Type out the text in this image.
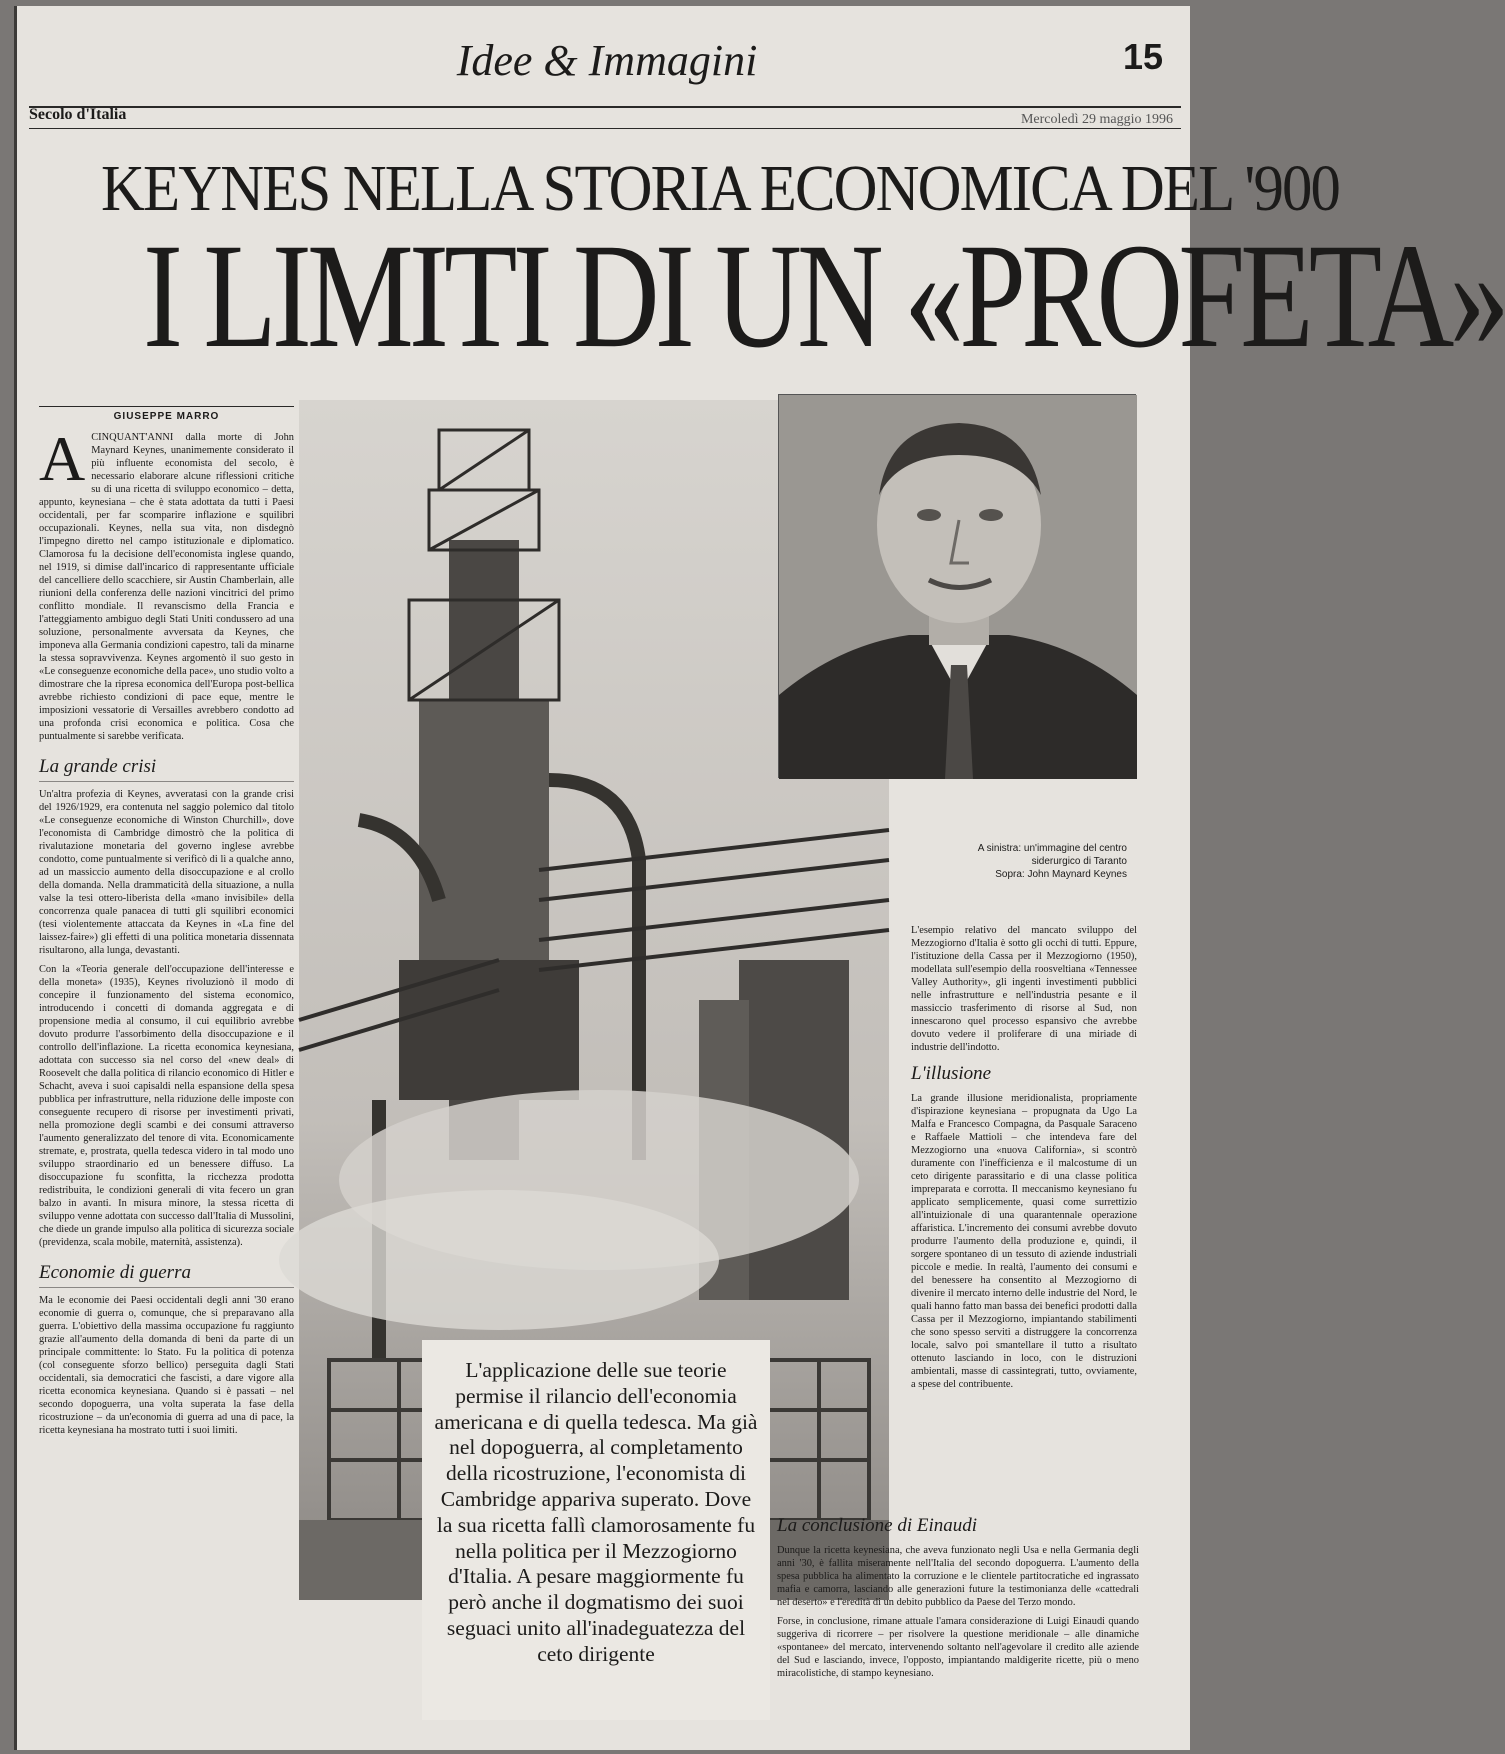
Idee & Immagini	15
Secolo d'Italia	Mercoledì 29 maggio 1996
KEYNES NELLA STORIA ECONOMICA DEL '900
I LIMITI DI UN «PROFETA»
GIUSEPPE MARRO

A CINQUANT'ANNI dalla morte di John Maynard Keynes, unanimemente considerato il più influente economista del secolo, è necessario elaborare alcune riflessioni critiche su di una ricetta di sviluppo economico – detta, appunto, keynesiana – che è stata adottata da tutti i Paesi occidentali, per far scomparire inflazione e squilibri occupazionali. Keynes, nella sua vita, non disdegnò l'impegno diretto nel campo istituzionale e diplomatico. Clamorosa fu la decisione dell'economista inglese quando, nel 1919, si dimise dall'incarico di rappresentante ufficiale del cancelliere dello scacchiere, sir Austin Chamberlain, alle riunioni della conferenza delle nazioni vincitrici del primo conflitto mondiale. Il revanscismo della Francia e l'atteggiamento ambiguo degli Stati Uniti condussero ad una soluzione, personalmente avversata da Keynes, che imponeva alla Germania condizioni capestro, tali da minarne la stessa sopravvivenza. Keynes argomentò il suo gesto in «Le conseguenze economiche della pace», uno studio volto a dimostrare che la ripresa economica dell'Europa post-bellica avrebbe richiesto condizioni di pace eque, mentre le imposizioni vessatorie di Versailles avrebbero condotto ad una profonda crisi economica e politica. Cosa che puntualmente si sarebbe verificata.

La grande crisi

Un'altra profezia di Keynes, avveratasi con la grande crisi del 1926/1929, era contenuta nel saggio polemico dal titolo «Le conseguenze economiche di Winston Churchill», dove l'economista di Cambridge dimostrò che la politica di rivalutazione monetaria del governo inglese avrebbe condotto, come puntualmente si verificò di lì a qualche anno, ad un massiccio aumento della disoccupazione e al crollo della domanda. Nella drammaticità della situazione, a nulla valse la tesi ottero-liberista della «mano invisibile» della concorrenza quale panacea di tutti gli squilibri economici (tesi violentemente attaccata da Keynes in «La fine del laissez-faire») gli effetti di una politica monetaria dissennata risultarono, alla lunga, devastanti.

Con la «Teoria generale dell'occupazione dell'interesse e della moneta» (1935), Keynes rivoluzionò il modo di concepire il funzionamento del sistema economico, introducendo i concetti di domanda aggregata e di propensione media al consumo, il cui equilibrio avrebbe dovuto produrre l'assorbimento della disoccupazione e il controllo dell'inflazione. La ricetta economica keynesiana, adottata con successo sia nel corso del «new deal» di Roosevelt che dalla politica di rilancio economico di Hitler e Schacht, aveva i suoi capisaldi nella espansione della spesa pubblica per infrastrutture, nella riduzione delle imposte con conseguente recupero di risorse per investimenti privati, nella promozione degli scambi e dei consumi attraverso l'aumento generalizzato del tenore di vita. Economicamente stremate, e, prostrata, quella tedesca videro in tal modo uno sviluppo straordinario ed un benessere diffuso. La disoccupazione fu sconfitta, la ricchezza prodotta redistribuita, le condizioni generali di vita fecero un gran balzo in avanti. In misura minore, la stessa ricetta di sviluppo venne adottata con successo dall'Italia di Mussolini, che diede un grande impulso alla politica di sicurezza sociale (previdenza, scala mobile, maternità, assistenza).

Economie di guerra

Ma le economie dei Paesi occidentali degli anni '30 erano economie di guerra o, comunque, che si preparavano alla guerra. L'obiettivo della massima occupazione fu raggiunto grazie all'aumento della domanda di beni da parte di un principale committente: lo Stato. Fu la politica di potenza (col conseguente sforzo bellico) perseguita dagli Stati occidentali, sia democratici che fascisti, a dare vigore alla ricetta economica keynesiana. Quando si è passati – nel secondo dopoguerra, una volta superata la fase della ricostruzione – da un'economia di guerra ad una di pace, la ricetta keynesiana ha mostrato tutti i suoi limiti.

A sinistra: un'immagine del centro siderurgico di Taranto
Sopra: John Maynard Keynes
L'applicazione delle sue teorie permise il rilancio dell'economia americana e di quella tedesca. Ma già nel dopoguerra, al completamento della ricostruzione, l'economista di Cambridge appariva superato. Dove la sua ricetta fallì clamorosamente fu nella politica per il Mezzogiorno d'Italia. A pesare maggiormente fu però anche il dogmatismo dei suoi seguaci unito all'inadeguatezza del ceto dirigente

L'esempio relativo del mancato sviluppo del Mezzogiorno d'Italia è sotto gli occhi di tutti. Eppure, l'istituzione della Cassa per il Mezzogiorno (1950), modellata sull'esempio della roosveltiana «Tennessee Valley Authority», gli ingenti investimenti pubblici nelle infrastrutture e nell'industria pesante e il massiccio trasferimento di risorse al Sud, non innescarono quel processo espansivo che avrebbe dovuto vedere il proliferare di una miriade di industrie dell'indotto.

L'illusione

La grande illusione meridionalista, propriamente d'ispirazione keynesiana – propugnata da Ugo La Malfa e Francesco Compagna, da Pasquale Saraceno e Raffaele Mattioli – che intendeva fare del Mezzogiorno una «nuova California», si scontrò duramente con l'inefficienza e il malcostume di un ceto dirigente parassitario e di una classe politica impreparata e corrotta. Il meccanismo keynesiano fu applicato semplicemente, quasi come surrettizio all'intuizionale di una quarantennale operazione affaristica. L'incremento dei consumi avrebbe dovuto produrre l'aumento della produzione e, quindi, il sorgere spontaneo di un tessuto di aziende industriali piccole e medie. In realtà, l'aumento dei consumi e del benessere ha consentito al Mezzogiorno di divenire il mercato interno delle industrie del Nord, le quali hanno fatto man bassa dei benefici prodotti dalla Cassa per il Mezzogiorno, impiantando stabilimenti che sono spesso serviti a distruggere la concorrenza locale, salvo poi smantellare il tutto a risultato ottenuto lasciando in loco, con le distruzioni ambientali, masse di cassintegrati, tutto, ovviamente, a spese del contribuente.

La conclusione di Einaudi

Dunque la ricetta keynesiana, che aveva funzionato negli Usa e nella Germania degli anni '30, è fallita miseramente nell'Italia del secondo dopoguerra. L'aumento della spesa pubblica ha alimentato la corruzione e le clientele partitocratiche ed ingrassato mafia e camorra, lasciando alle generazioni future la testimonianza delle «cattedrali nel deserto» e l'eredità di un debito pubblico da Paese del Terzo mondo.

Forse, in conclusione, rimane attuale l'amara considerazione di Luigi Einaudi quando suggeriva di ricorrere – per risolvere la questione meridionale – alle dinamiche «spontanee» del mercato, intervenendo soltanto nell'agevolare il credito alle aziende del Sud e lasciando, invece, l'opposto, impiantando maldigerite ricette, più o meno miracolistiche, di stampo keynesiano.
